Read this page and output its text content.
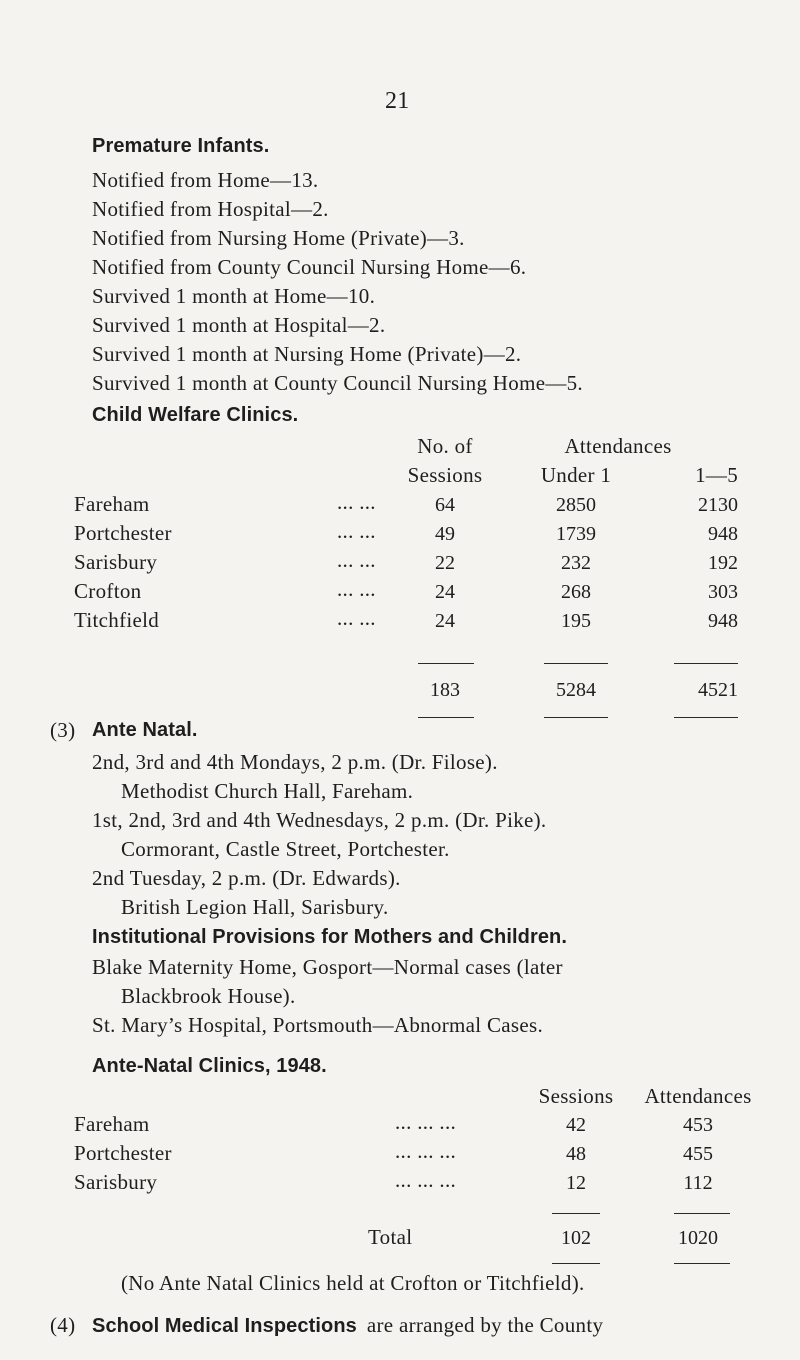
21
Premature Infants.
Notified from Home—13.
Notified from Hospital—2.
Notified from Nursing Home (Private)—3.
Notified from County Council Nursing Home—6.
Survived 1 month at Home—10.
Survived 1 month at Hospital—2.
Survived 1 month at Nursing Home (Private)—2.
Survived 1 month at County Council Nursing Home—5.
Child Welfare Clinics.
No. of
Sessions
Attendances
Under 1	1—5
Fareham	... ...	64	2850	2130
Portchester	... ...	49	1739	948
Sarisbury	... ...	22	232	192
Crofton	... ...	24	268	303
Titchfield	... ...	24	195	948
183	5284	4521
(3) Ante Natal.
2nd, 3rd and 4th Mondays, 2 p.m. (Dr. Filose).
Methodist Church Hall, Fareham.
1st, 2nd, 3rd and 4th Wednesdays, 2 p.m. (Dr. Pike).
Cormorant, Castle Street, Portchester.
2nd Tuesday, 2 p.m. (Dr. Edwards).
British Legion Hall, Sarisbury.
Institutional Provisions for Mothers and Children.
Blake Maternity Home, Gosport—Normal cases (later
Blackbrook House).
St. Mary’s Hospital, Portsmouth—Abnormal Cases.
Ante-Natal Clinics, 1948.
Sessions	Attendances
Fareham	... ... ...	42	453
Portchester	... ... ...	48	455
Sarisbury	... ... ...	12	112
Total	102	1020
(No Ante Natal Clinics held at Crofton or Titchfield).
(4) School Medical Inspections are arranged by the County
